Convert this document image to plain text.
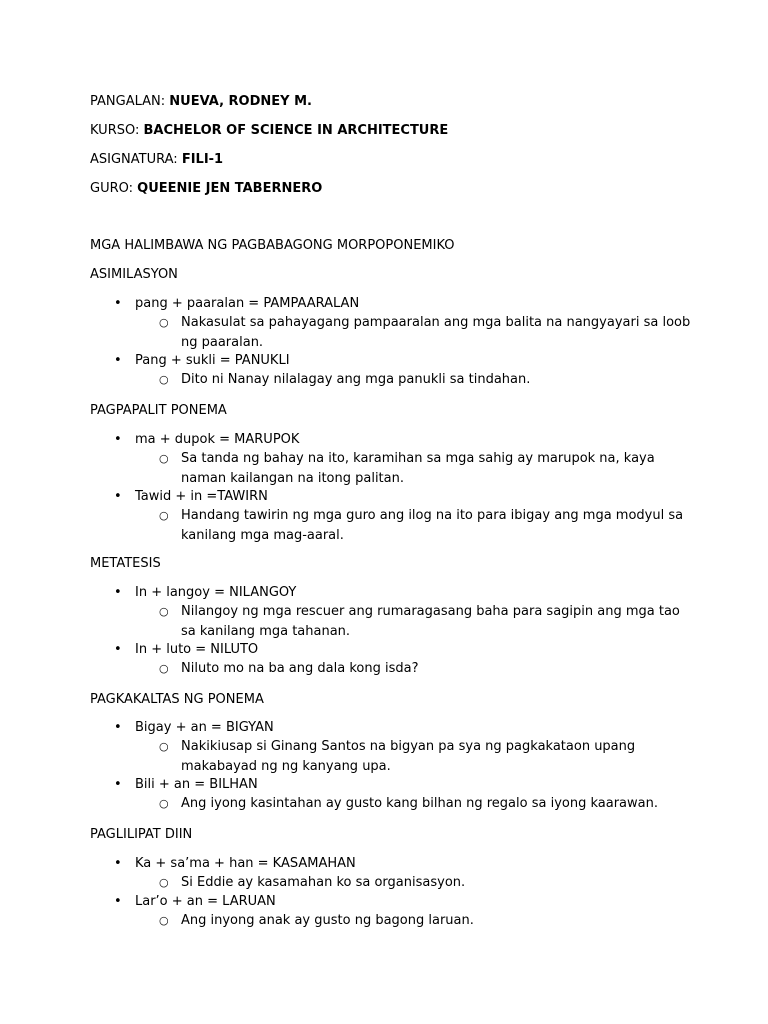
PANGALAN: NUEVA, RODNEY M.
KURSO: BACHELOR OF SCIENCE IN ARCHITECTURE
ASIGNATURA: FILI-1
GURO: QUEENIE JEN TABERNERO
MGA HALIMBAWA NG PAGBABAGONG MORPOPONEMIKO
ASIMILASYON
• pang + paaralan = PAMPAARALAN
○ Nakasulat sa pahayagang pampaaralan ang mga balita na nangyayari sa loob ng paaralan.
• Pang + sukli = PANUKLI
○ Dito ni Nanay nilalagay ang mga panukli sa tindahan.
PAGPAPALIT PONEMA
• ma + dupok = MARUPOK
○ Sa tanda ng bahay na ito, karamihan sa mga sahig ay marupok na, kaya naman kailangan na itong palitan.
• Tawid + in =TAWIRN
○ Handang tawirin ng mga guro ang ilog na ito para ibigay ang mga modyul sa kanilang mga mag-aaral.
METATESIS
• In + langoy = NILANGOY
○ Nilangoy ng mga rescuer ang rumaragasang baha para sagipin ang mga tao sa kanilang mga tahanan.
• In + luto = NILUTO
○ Niluto mo na ba ang dala kong isda?
PAGKAKALTAS NG PONEMA
• Bigay + an = BIGYAN
○ Nakikiusap si Ginang Santos na bigyan pa sya ng pagkakataon upang makabayad ng ng kanyang upa.
• Bili + an = BILHAN
○ Ang iyong kasintahan ay gusto kang bilhan ng regalo sa iyong kaarawan.
PAGLILIPAT DIIN
• Ka + sa’ma + han = KASAMAHAN
○ Si Eddie ay kasamahan ko sa organisasyon.
• Lar’o + an = LARUAN
○ Ang inyong anak ay gusto ng bagong laruan.
